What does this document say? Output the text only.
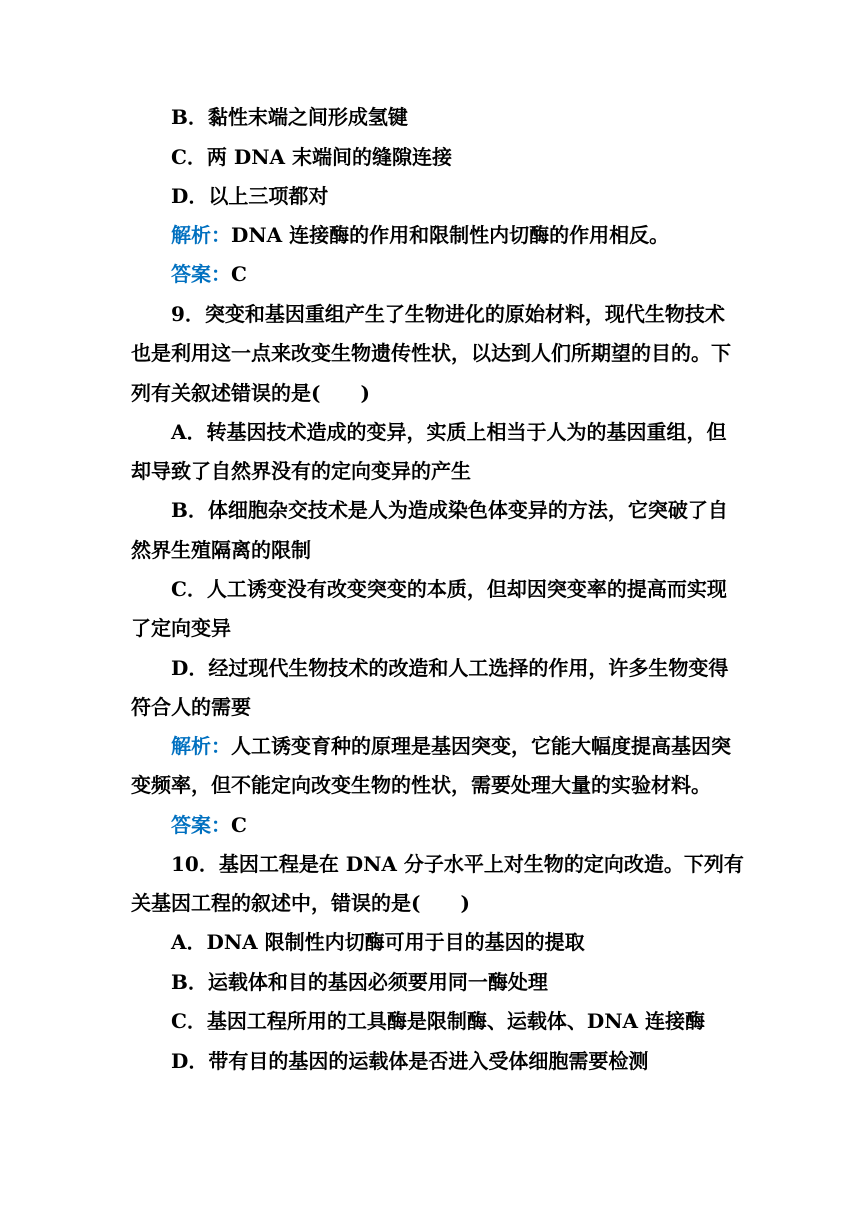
B．黏性末端之间形成氢键
C．两 DNA 末端间的缝隙连接
D．以上三项都对
解析：DNA 连接酶的作用和限制性内切酶的作用相反。
答案：C
9．突变和基因重组产生了生物进化的原始材料，现代生物技术
也是利用这一点来改变生物遗传性状，以达到人们所期望的目的。下
列有关叙述错误的是(　　)
A．转基因技术造成的变异，实质上相当于人为的基因重组，但
却导致了自然界没有的定向变异的产生
B．体细胞杂交技术是人为造成染色体变异的方法，它突破了自
然界生殖隔离的限制
C．人工诱变没有改变突变的本质，但却因突变率的提高而实现
了定向变异
D．经过现代生物技术的改造和人工选择的作用，许多生物变得
符合人的需要
解析：人工诱变育种的原理是基因突变，它能大幅度提高基因突
变频率，但不能定向改变生物的性状，需要处理大量的实验材料。
答案：C
10．基因工程是在 DNA 分子水平上对生物的定向改造。下列有
关基因工程的叙述中，错误的是(　　)
A．DNA 限制性内切酶可用于目的基因的提取
B．运载体和目的基因必须要用同一酶处理
C．基因工程所用的工具酶是限制酶、运载体、DNA 连接酶
D．带有目的基因的运载体是否进入受体细胞需要检测
